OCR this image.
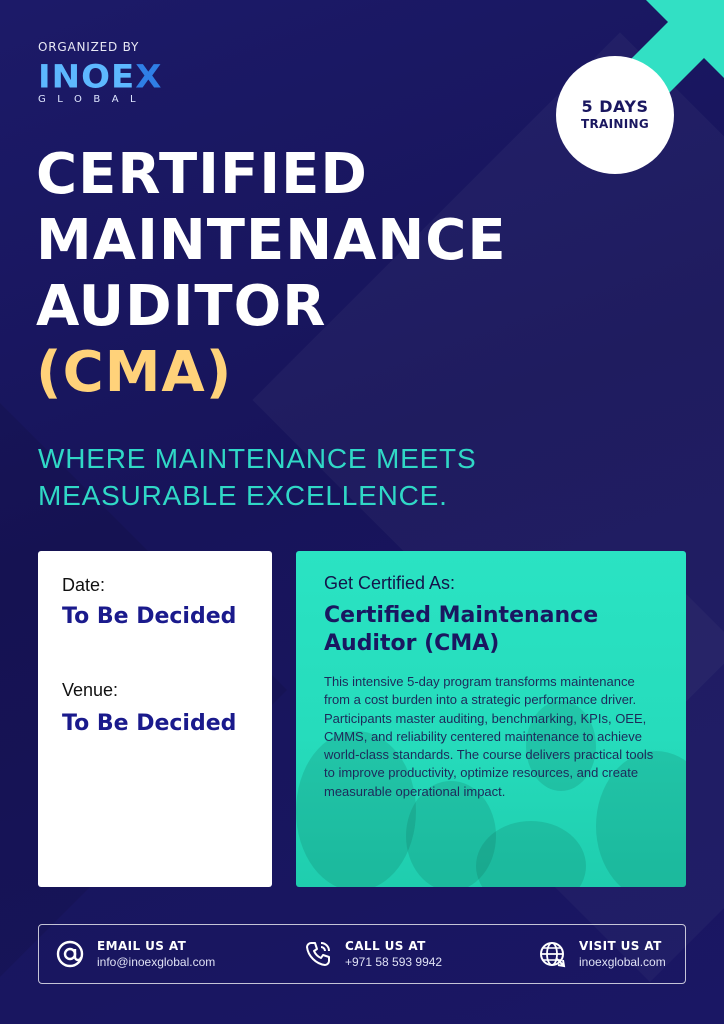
ORGANIZED BY
INOEX
GLOBAL	5 DAYS
TRAINING
CERTIFIED
MAINTENANCE
AUDITOR
(CMA)
WHERE MAINTENANCE MEETS MEASURABLE EXCELLENCE.
Date:
To Be Decided
Venue:
To Be Decided
Get Certified As:
Certified Maintenance Auditor (CMA)
This intensive 5-day program transforms maintenance from a cost burden into a strategic performance driver. Participants master auditing, benchmarking, KPIs, OEE, CMMS, and reliability centered maintenance to achieve world-class standards. The course delivers practical tools to improve productivity, optimize resources, and create measurable operational impact.
EMAIL US AT
info@inoexglobal.com
CALL US AT
+971 58 593 9942
VISIT US AT
inoexglobal.com
